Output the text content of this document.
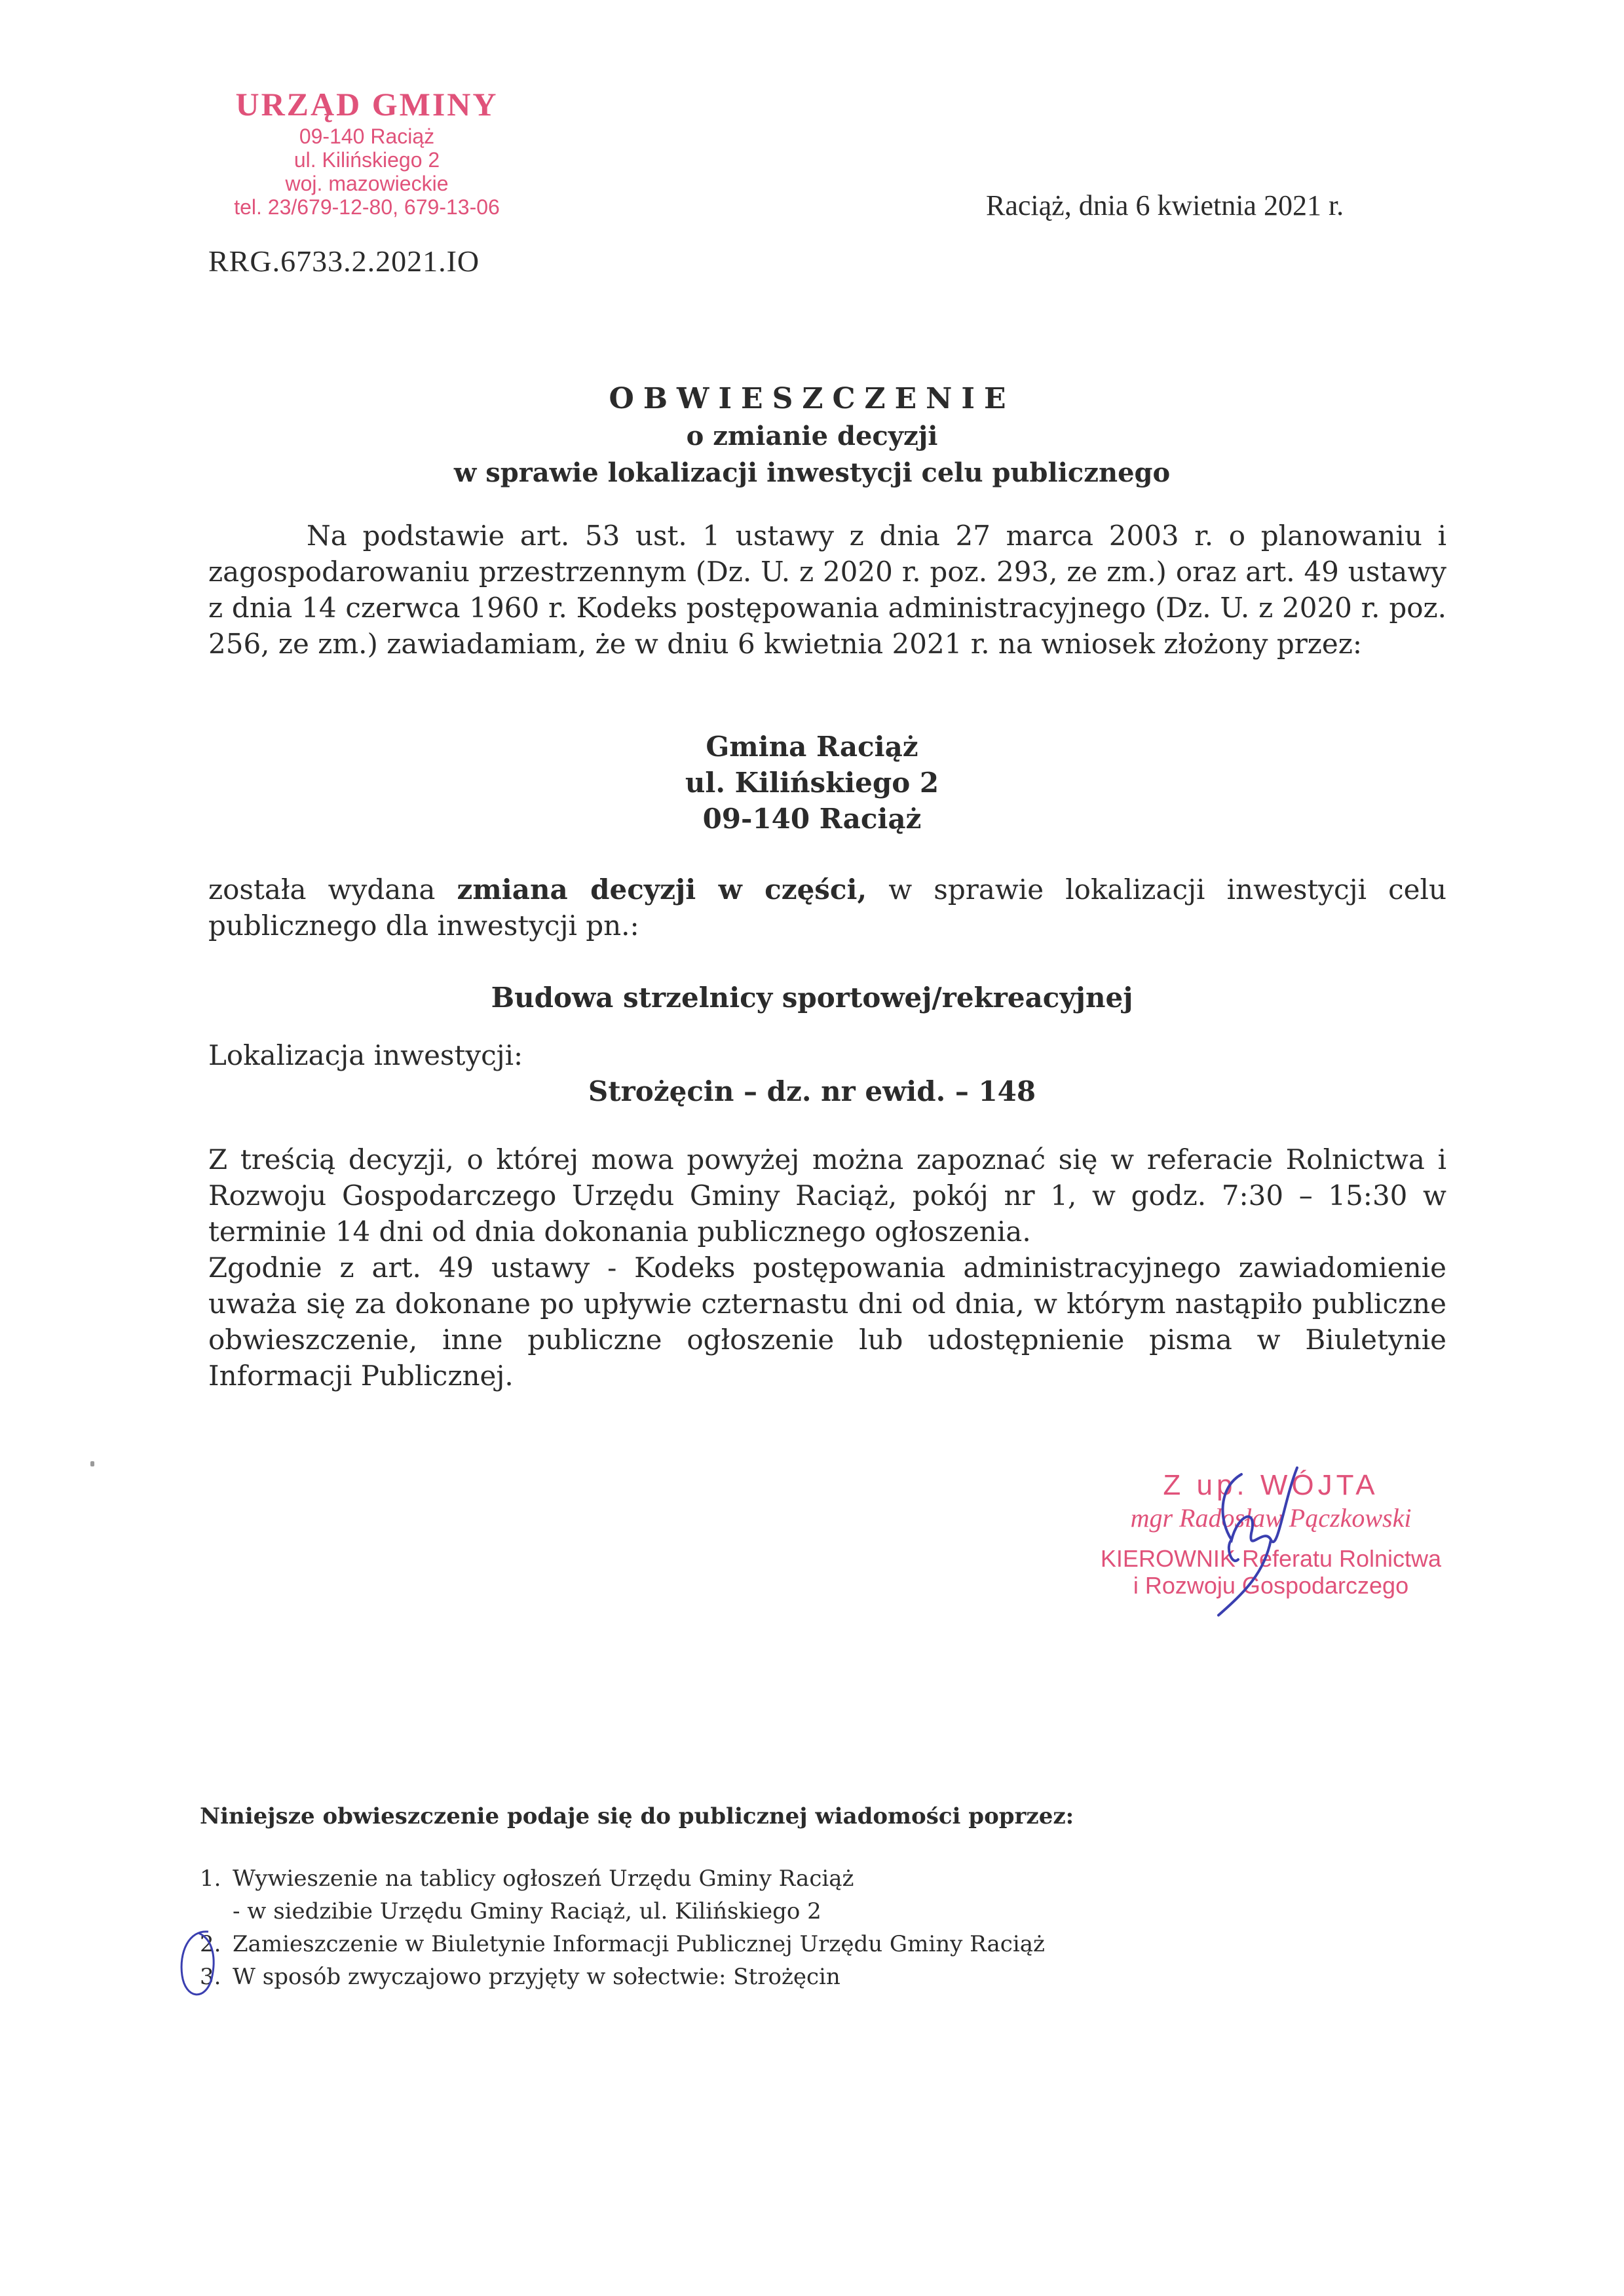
URZĄD GMINY
09-140 Raciąż
ul. Kilińskiego 2
woj. mazowieckie
tel. 23/679-12-80, 679-13-06
RRG.6733.2.2021.IO
Raciąż, dnia 6 kwietnia 2021 r.
OBWIESZCZENIE
o zmianie decyzji
w sprawie lokalizacji inwestycji celu publicznego
Na podstawie art. 53 ust. 1 ustawy z dnia 27 marca 2003 r. o planowaniu i zagospodarowaniu przestrzennym (Dz. U. z 2020 r. poz. 293, ze zm.) oraz art. 49 ustawy z dnia 14 czerwca 1960 r. Kodeks postępowania administracyjnego (Dz. U. z 2020 r. poz. 256, ze zm.) zawiadamiam, że w dniu 6 kwietnia 2021 r. na wniosek złożony przez:
Gmina Raciąż
ul. Kilińskiego 2
09-140 Raciąż
została wydana zmiana decyzji w części, w sprawie lokalizacji inwestycji celu publicznego dla inwestycji pn.:
Budowa strzelnicy sportowej/rekreacyjnej
Lokalizacja inwestycji:
Strożęcin – dz. nr ewid. – 148
Z treścią decyzji, o której mowa powyżej można zapoznać się w referacie Rolnictwa i Rozwoju Gospodarczego Urzędu Gminy Raciąż, pokój nr 1, w godz. 7:30 – 15:30 w terminie 14 dni od dnia dokonania publicznego ogłoszenia.
Zgodnie z art. 49 ustawy - Kodeks postępowania administracyjnego zawiadomienie uważa się za dokonane po upływie czternastu dni od dnia, w którym nastąpiło publiczne obwieszczenie, inne publiczne ogłoszenie lub udostępnienie pisma w Biuletynie Informacji Publicznej.
Z up. WÓJTA
mgr Radosław Pączkowski
KIEROWNIK Referatu Rolnictwa
i Rozwoju Gospodarczego
Niniejsze obwieszczenie podaje się do publicznej wiadomości poprzez:
1. Wywieszenie na tablicy ogłoszeń Urzędu Gminy Raciąż
- w siedzibie Urzędu Gminy Raciąż, ul. Kilińskiego 2
2. Zamieszczenie w Biuletynie Informacji Publicznej Urzędu Gminy Raciąż
3. W sposób zwyczajowo przyjęty w sołectwie: Strożęcin
